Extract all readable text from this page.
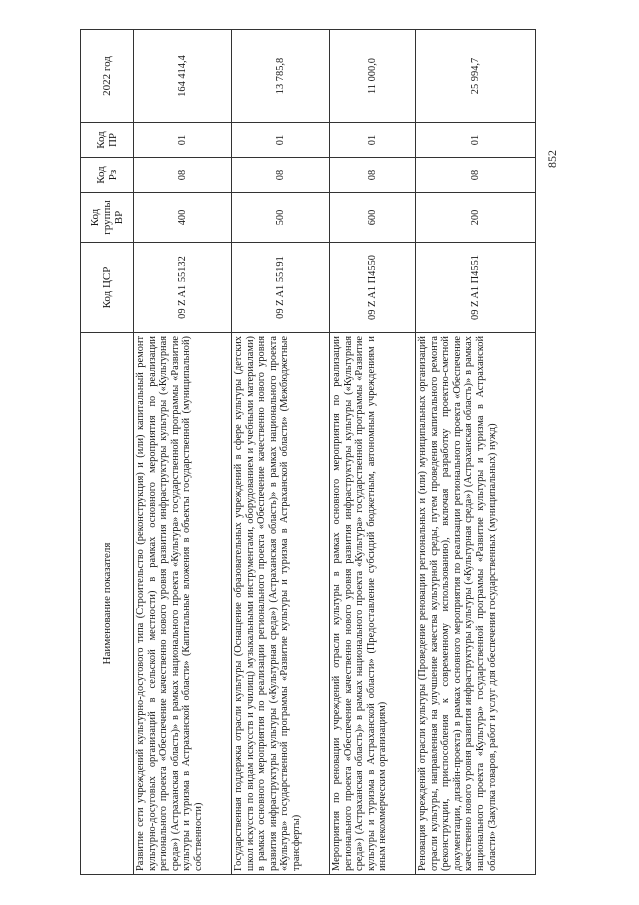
852
Наименование показателя	Код ЦСР	Код группы ВР	Код Рз	Код ПР	2022 год
Развитие сети учреждений культурно-досугового типа (Строительство (реконструкция) и (или) капитальный ремонт культурно-досуговых организаций в сельской местности) в рамках основного мероприятия по реализации регионального проекта «Обеспечение качественно нового уровня развития инфраструктуры культуры («Культурная среда») (Астраханская область)» в рамках национального проекта «Культура» государственной программы «Развитие культуры и туризма в Астраханской области» (Капитальные вложения в объекты государственной (муниципальной) собственности)	09 Z A1 55132	400	08	01	164 414,4
Государственная поддержка отрасли культуры (Оснащение образовательных учреждений в сфере культуры (детских школ искусств по видам искусств и училищ) музыкальными инструментами, оборудованием и учебными материалами) в рамках основного мероприятия по реализации регионального проекта «Обеспечение качественно нового уровня развития инфраструктуры культуры («Культурная среда») (Астраханская область)» в рамках национального проекта «Культура» государственной программы «Развитие культуры и туризма в Астраханской области» (Межбюджетные трансферты)	09 Z A1 55191	500	08	01	13 785,8
Мероприятия по реновации учреждений отрасли культуры в рамках основного мероприятия по реализации регионального проекта «Обеспечение качественно нового уровня развития инфраструктуры культуры («Культурная среда») (Астраханская область)» в рамках национального проекта «Культура» государственной программы «Развитие культуры и туризма в Астраханской области» (Предоставление субсидий бюджетным, автономным учреждениям и иным некоммерческим организациям)	09 Z A1 П4550	600	08	01	11 000,0
Реновация учреждений отрасли культуры (Проведение реновации региональных и (или) муниципальных организаций отрасли культуры, направленная на улучшение качества культурной среды, путем проведения капитального ремонта (реконструкции, приспособления к современному использованию), включая разработку проектно-сметной документации, дизайн-проекта) в рамках основного мероприятия по реализации регионального проекта «Обеспечение качественно нового уровня развития инфраструктуры культуры («Культурная среда») (Астраханская область)» в рамках национального проекта «Культура» государственной программы «Развитие культуры и туризма в Астраханской области» (Закупка товаров, работ и услуг для обеспечения государственных (муниципальных) нужд)	09 Z A1 П4551	200	08	01	25 994,7
